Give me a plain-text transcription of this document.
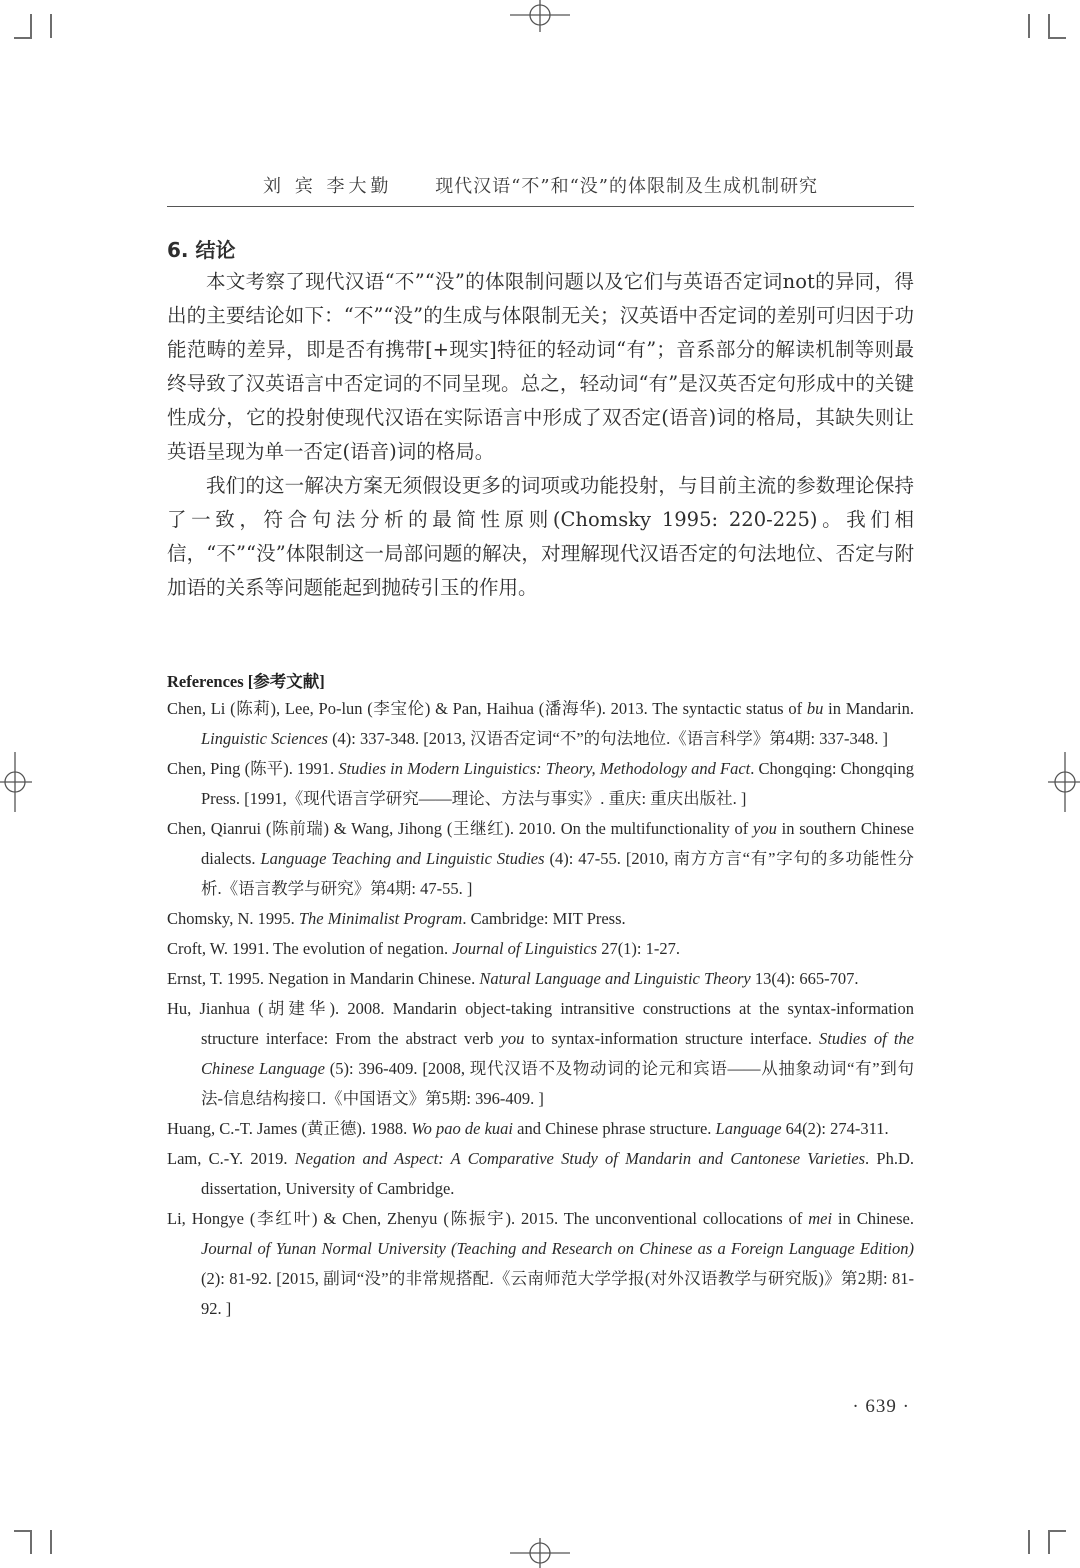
刘 宾 李大勤 现代汉语“不”和“没”的体限制及生成机制研究
6. 结论

本文考察了现代汉语“不”“没”的体限制问题以及它们与英语否定词not的异同，得出的主要结论如下：“不”“没”的生成与体限制无关；汉英语中否定词的差别可归因于功能范畴的差异，即是否有携带[+现实]特征的轻动词“有”；音系部分的解读机制等则最终导致了汉英语言中否定词的不同呈现。总之，轻动词“有”是汉英否定句形成中的关键性成分，它的投射使现代汉语在实际语言中形成了双否定(语音)词的格局，其缺失则让英语呈现为单一否定(语音)词的格局。

我们的这一解决方案无须假设更多的词项或功能投射，与目前主流的参数理论保持了一致，符合句法分析的最简性原则(Chomsky 1995: 220-225)。我们相信，“不”“没”体限制这一局部问题的解决，对理解现代汉语否定的句法地位、否定与附加语的关系等问题能起到抛砖引玉的作用。

References [参考文献]

Chen, Li (陈莉), Lee, Po-lun (李宝伦) & Pan, Haihua (潘海华). 2013. The syntactic status of bu in Mandarin. Linguistic Sciences (4): 337-348. [2013, 汉语否定词“不”的句法地位.《语言科学》第4期: 337-348. ]

Chen, Ping (陈平). 1991. Studies in Modern Linguistics: Theory, Methodology and Fact. Chongqing: Chongqing Press. [1991,《现代语言学研究——理论、方法与事实》. 重庆: 重庆出版社. ]

Chen, Qianrui (陈前瑞) & Wang, Jihong (王继红). 2010. On the multifunctionality of you in southern Chinese dialects. Language Teaching and Linguistic Studies (4): 47-55. [2010, 南方方言“有”字句的多功能性分析.《语言教学与研究》第4期: 47-55. ]

Chomsky, N. 1995. The Minimalist Program. Cambridge: MIT Press.

Croft, W. 1991. The evolution of negation. Journal of Linguistics 27(1): 1-27.

Ernst, T. 1995. Negation in Mandarin Chinese. Natural Language and Linguistic Theory 13(4): 665-707.

Hu, Jianhua (胡建华). 2008. Mandarin object-taking intransitive constructions at the syntax-information structure interface: From the abstract verb you to syntax-information structure interface. Studies of the Chinese Language (5): 396-409. [2008, 现代汉语不及物动词的论元和宾语——从抽象动词“有”到句法-信息结构接口.《中国语文》第5期: 396-409. ]

Huang, C.-T. James (黄正德). 1988. Wo pao de kuai and Chinese phrase structure. Language 64(2): 274-311.

Lam, C.-Y. 2019. Negation and Aspect: A Comparative Study of Mandarin and Cantonese Varieties. Ph.D. dissertation, University of Cambridge.

Li, Hongye (李红叶) & Chen, Zhenyu (陈振宇). 2015. The unconventional collocations of mei in Chinese. Journal of Yunan Normal University (Teaching and Research on Chinese as a Foreign Language Edition) (2): 81-92. [2015, 副词“没”的非常规搭配.《云南师范大学学报(对外汉语教学与研究版)》第2期: 81-92. ]

· 639 ·
